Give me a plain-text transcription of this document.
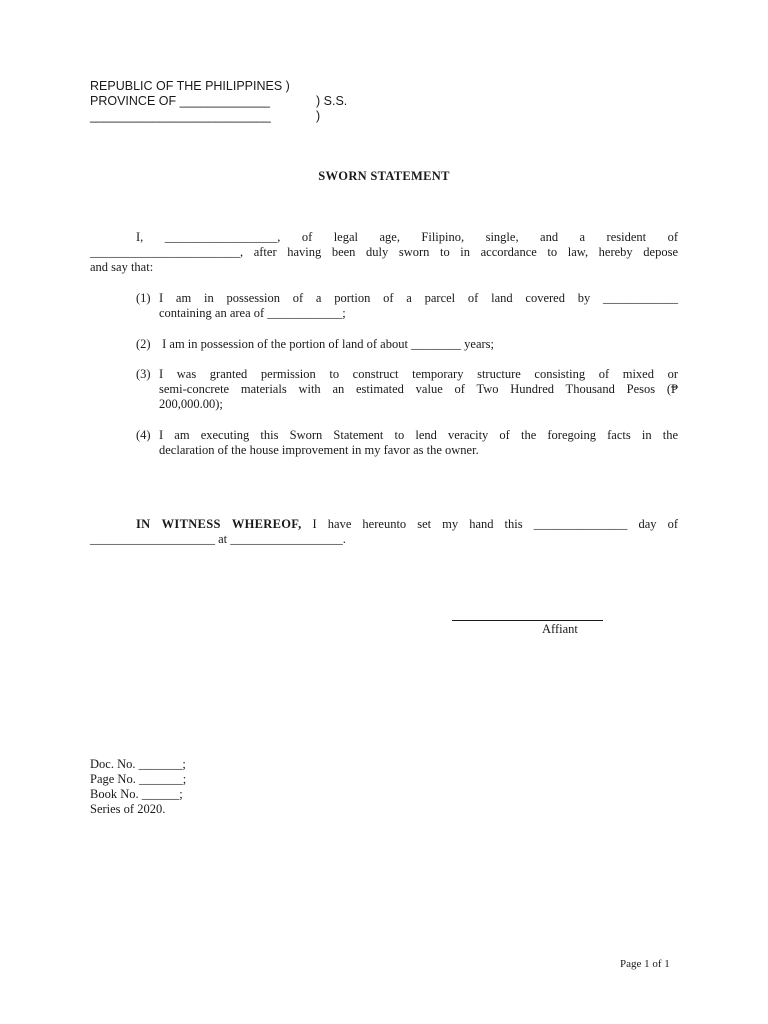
REPUBLIC OF THE PHILIPPINES )
PROVINCE OF _____________	) S.S.
__________________________	)
SWORN STATEMENT
I, __________________, of legal age, Filipino, single, and a resident of
________________________, after having been duly sworn to in accordance to law, hereby depose
and say that:
(1) I am in possession of a portion of a parcel of land covered by ____________
containing an area of ____________;
(2) I am in possession of the portion of land of about ________ years;
(3) I was granted permission to construct temporary structure consisting of mixed or
semi-concrete materials with an estimated value of Two Hundred Thousand Pesos (₱
200,000.00);
(4) I am executing this Sworn Statement to lend veracity of the foregoing facts in the
declaration of the house improvement in my favor as the owner.
IN WITNESS WHEREOF, I have hereunto set my hand this _______________ day of
____________________ at __________________.
Affiant
Doc. No. _______;
Page No. _______;
Book No. ______;
Series of 2020.
Page 1 of 1
